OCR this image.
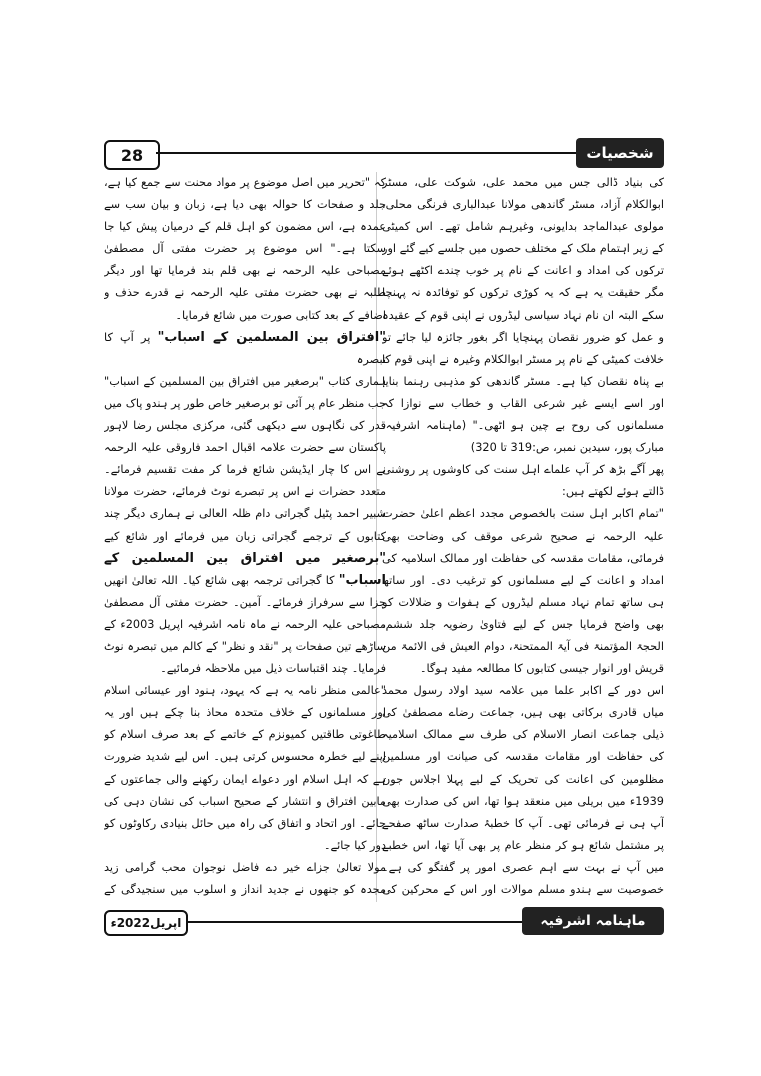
28	شخصیات

کی بنیاد ڈالی جس میں محمد علی، شوکت علی، مسٹر ابوالکلام آزاد، مسٹر گاندھی مولانا عبدالباری فرنگی محلی، مولوی عبدالماجد بدایونی، وغیرہم شامل تھے۔ اس کمیٹی کے زیر اہتمام ملک کے مختلف حصوں میں جلسے کیے گئے اور ترکوں کی امداد و اعانت کے نام پر خوب چندے اکٹھے ہوئے مگر حقیقت یہ ہے کہ یہ کوڑی ترکوں کو توفائدہ نہ پہنچا سکے البتہ ان نام نہاد سیاسی لیڈروں نے اپنی قوم کے عقیدہ و عمل کو ضرور نقصان پہنچایا اگر بغور جائزہ لیا جائے تو خلافت کمیٹی کے نام پر مسٹر ابوالکلام وغیرہ نے اپنی قوم کا بے پناہ نقصان کیا ہے۔ مسٹر گاندھی کو مذہبی رہنما بنایا اور اسے ایسے غیر شرعی القاب و خطاب سے نوازا کہ مسلمانوں کی روح بے چین ہو اٹھی۔" (ماہنامہ اشرفیہ، مبارک پور، سیدین نمبر، ص:319 تا 320)

پھر آگے بڑھ کر آپ علماے اہل سنت کی کاوشوں پر روشنی ڈالتے ہوئے لکھتے ہیں:

"تمام اکابر اہل سنت بالخصوص مجدد اعظم اعلیٰ حضرت علیہ الرحمہ نے صحیح شرعی موقف کی وضاحت بھی فرمائی، مقامات مقدسہ کی حفاظت اور ممالک اسلامیہ کی امداد و اعانت کے لیے مسلمانوں کو ترغیب دی۔ اور ساتھ ہی ساتھ تمام نہاد مسلم لیڈروں کے ہفوات و ضلالات کو بھی واضح فرمایا جس کے لیے فتاویٰ رضویہ جلد ششم، الحجۃ المؤتمنۃ فی آیۃ الممتحنۃ، دوام العیش فی الائمۃ من قریش اور انوار جیسی کتابوں کا مطالعہ مفید ہوگا۔

اس دور کے اکابر علما میں علامہ سید اولاد رسول محمد میاں قادری برکاتی بھی ہیں، جماعت رضاے مصطفیٰ کی ذیلی جماعت انصار الاسلام کی طرف سے ممالک اسلامیہ کی حفاظت اور مقامات مقدسہ کی صیانت اور مسلمین مظلومین کی اعانت کی تحریک کے لیے پہلا اجلاس جون 1939ء میں بریلی میں منعقد ہوا تھا، اس کی صدارت بھی آپ ہی نے فرمائی تھی۔ آپ کا خطبۂ صدارت ساٹھ صفحے پر مشتمل شائع ہو کر منظر عام پر بھی آیا تھا، اس خطبے میں آپ نے بہت سے اہم عصری امور پر گفتگو کی ہے۔ خصوصیت سے ہندو مسلم موالات اور اس کے محرکین کی

کہ "تحریر میں اصل موضوع پر مواد محنت سے جمع کیا ہے، جلد و صفحات کا حوالہ بھی دیا ہے، زبان و بیان سب سے عمدہ ہے، اس مضمون کو اہل قلم کے درمیان پیش کیا جا سکتا ہے۔" اس موضوع پر حضرت مفتی آل مصطفیٰ مصباحی علیہ الرحمہ نے بھی قلم بند فرمایا تھا اور دیگر طلبہ نے بھی حضرت مفتی علیہ الرحمہ نے قدرے حذف و اضافے کے بعد کتابی صورت میں شائع فرمایا۔

"افتراق بین المسلمین کے اسباب" پر آپ کا تبصرہ

ہماری کتاب "برصغیر میں افتراق بین المسلمین کے اسباب" جب منظر عام پر آئی تو برصغیر خاص طور پر ہندو پاک میں قدر کی نگاہوں سے دیکھی گئی، مرکزی مجلس رضا لاہور پاکستان سے حضرت علامہ اقبال احمد فاروقی علیہ الرحمہ نے اس کا چار ایڈیشن شائع فرما کر مفت تقسیم فرمائے۔ متعدد حضرات نے اس پر تبصرے نوٹ فرمائے، حضرت مولانا شبیر احمد پٹیل گجراتی دام ظلہ العالی نے ہماری دیگر چند کتابوں کے ترجمے گجراتی زبان میں فرمائے اور شائع کیے "برصغیر میں افتراق بین المسلمین کے اسباب" کا گجراتی ترجمہ بھی شائع کیا۔ اللہ تعالیٰ انھیں جزا سے سرفراز فرمائے۔ آمین۔ حضرت مفتی آل مصطفیٰ مصباحی علیہ الرحمہ نے ماہ نامہ اشرفیہ اپریل 2003ء کے ساڑھے تین صفحات پر "نقد و نظر" کے کالم میں تبصرہ نوٹ فرمایا۔ چند اقتباسات ذیل میں ملاحظہ فرمائیے۔

"عالمی منظر نامہ یہ ہے کہ یہود، ہنود اور عیسائی اسلام اور مسلمانوں کے خلاف متحدہ محاذ بنا چکے ہیں اور یہ طاغوتی طاقتیں کمیونزم کے خاتمے کے بعد صرف اسلام کو اپنے لیے خطرہ محسوس کرتی ہیں۔ اس لیے شدید ضرورت ہے کہ اہل اسلام اور دعواے ایمان رکھنے والی جماعتوں کے مابین افتراق و انتشار کے صحیح اسباب کی نشان دہی کی جائے۔ اور اتحاد و اتفاق کی راہ میں حائل بنیادی رکاوٹوں کو دور کیا جائے۔

مولا تعالیٰ جزاے خیر دے فاضل نوجوان محب گرامی زید مجدہ کو جنھوں نے جدید انداز و اسلوب میں سنجیدگی کے

اپریل2022ء	ماہنامہ اشرفیہ
